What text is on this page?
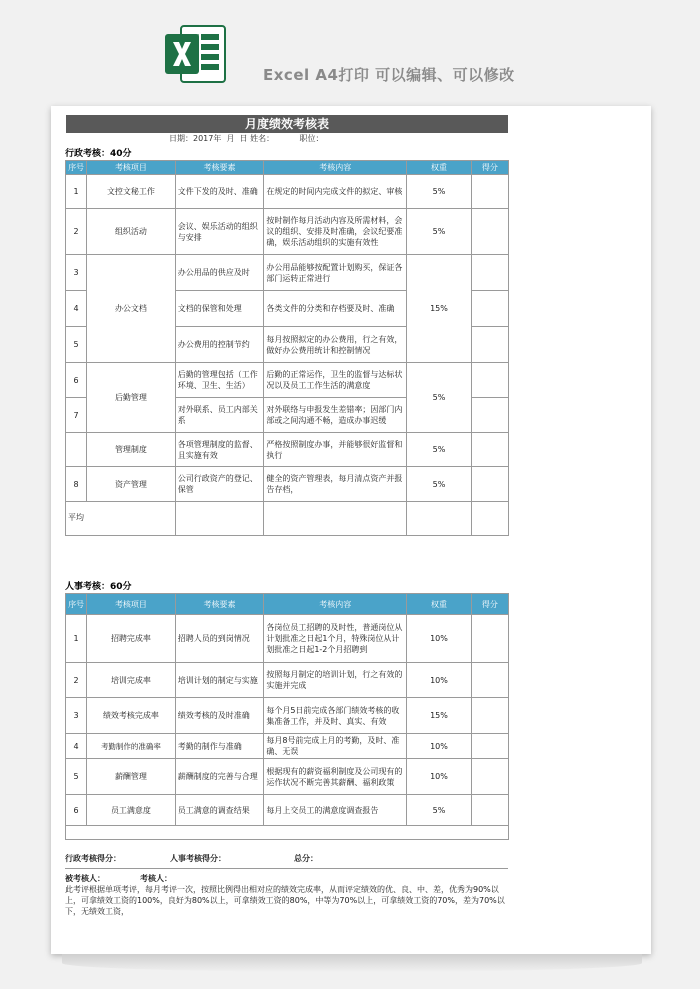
Excel A4打印 可以编辑、可以修改
月度绩效考核表
日期：2017年  月  日 姓名：          职位：
行政考核：40分
序号	考核项目	考核要素	考核内容	权重	得分
1	文控文秘工作	文件下发的及时、准确	在规定的时间内完成文件的拟定、审核	5%	
2	组织活动	会议、娱乐活动的组织与安排	按时制作每月活动内容及所需材料，会议的组织、安排及时准确，会议纪要准确，娱乐活动组织的实施有效性	5%	
3	办公文档	办公用品的供应及时	办公用品能够按配置计划购买，保证各部门运转正常进行	15%	
4		文档的保管和处理	各类文件的分类和存档要及时、准确		
5		办公费用的控制节约	每月按照拟定的办公费用，行之有效，做好办公费用统计和控制情况		
6	后勤管理	后勤的管理包括（工作环境、卫生、生活）	后勤的正常运作，卫生的监督与达标状况以及员工工作生活的满意度	5%	
7		对外联系、员工内部关系	对外联络与申报发生差错率；因部门内部或之间沟通不畅，造成办事迟缓		
	管理制度	各项管理制度的监督、且实施有效	严格按照制度办事，并能够很好监督和执行	5%	
8	资产管理	公司行政资产的登记、保管	健全的资产管理表，每月清点资产并报告存档，	5%	
平均					
人事考核：60分
序号	考核项目	考核要素	考核内容	权重	得分
1	招聘完成率	招聘人员的到岗情况	各岗位员工招聘的及时性，普通岗位从计划批准之日起1个月，特殊岗位从计划批准之日起1-2个月招聘到	10%	
2	培训完成率	培训计划的制定与实施	按照每月制定的培训计划，行之有效的实施并完成	10%	
3	绩效考核完成率	绩效考核的及时准确	每个月5日前完成各部门绩效考核的收集准备工作，并及时、真实、有效	15%	
4	考勤制作的准确率	考勤的制作与准确	每月8号前完成上月的考勤，及时、准确、无误	10%	
5	薪酬管理	薪酬制度的完善与合理	根据现有的薪资福利制度及公司现有的运作状况不断完善其薪酬、福利政策	10%	
6	员工满意度	员工满意的调查结果	每月上交员工的满意度调查报告	5%	

行政考核得分：	人事考核得分：	总分：
被考核人：	考核人：
此考评根据单项考评，每月考评一次，按照比例得出相对应的绩效完成率，从而评定绩效的优、良、中、差，优秀为90%以上，可拿绩效工资的100%，良好为80%以上，可拿绩效工资的80%，中等为70%以上，可拿绩效工资的70%，差为70%以下，无绩效工资，
